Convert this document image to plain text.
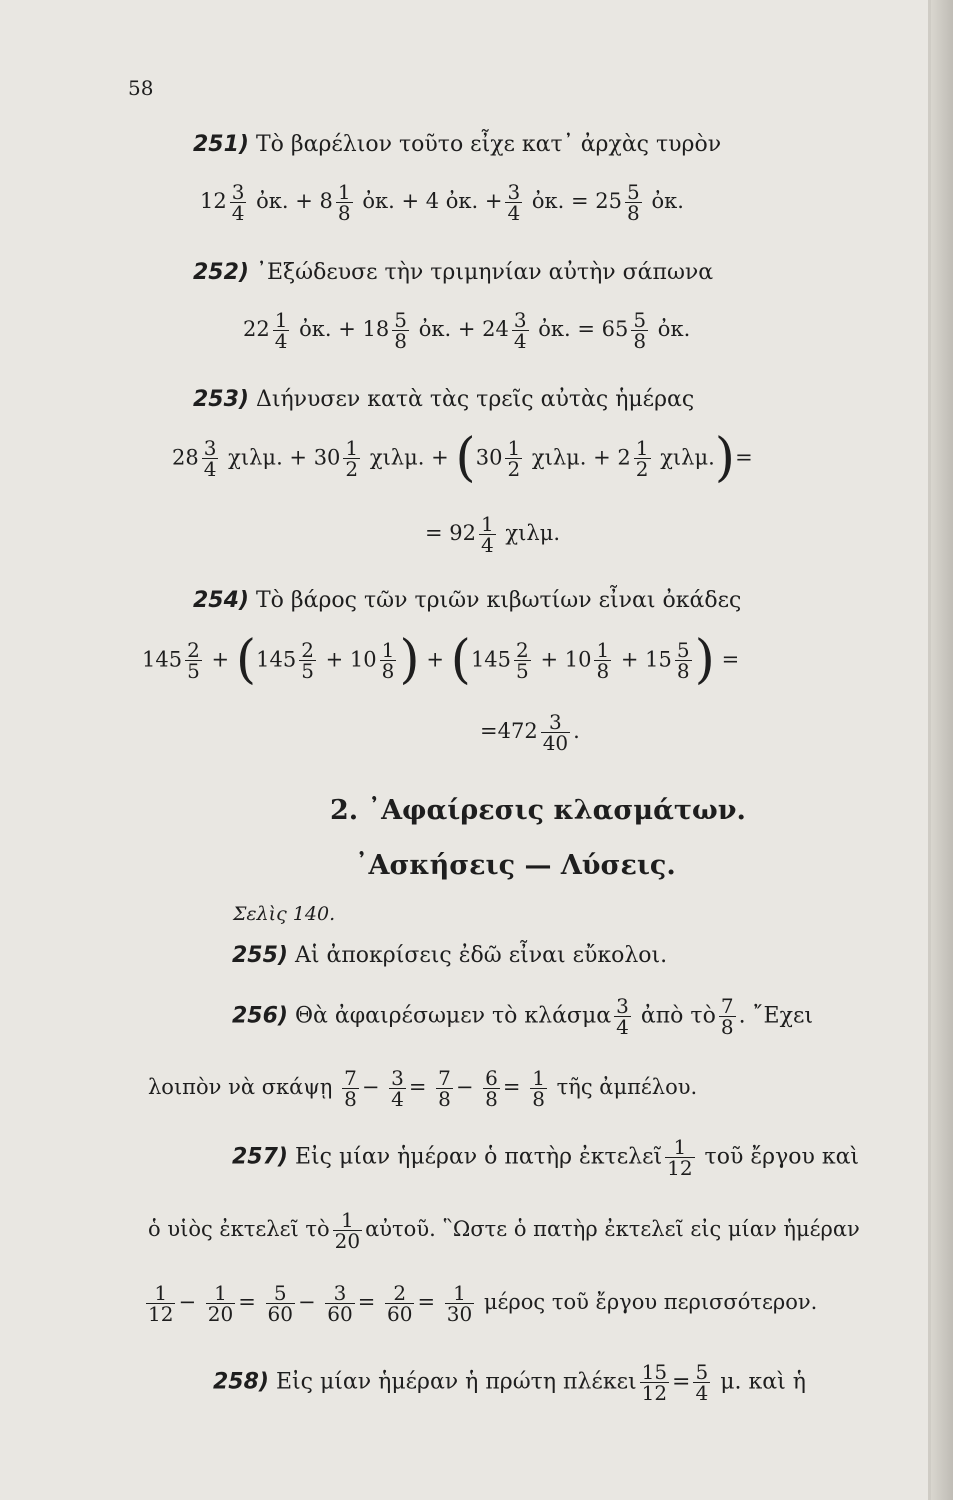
58
251) Τὸ βαρέλιον τοῦτο εἶχε κατ᾿ ἀρχὰς τυρὸν
$12 \frac{3}{4}$ ὀκ. + $8 \frac{1}{8}$ ὀκ. + 4 ὀκ. + $\frac{3}{4}$ ὀκ. = $25 \frac{5}{8}$ ὀκ.
252) ᾿Εξώδευσε τὴν τριμηνίαν αὐτὴν σάπωνα
$22 \frac{1}{4}$ ὀκ. + $18 \frac{5}{8}$ ὀκ. + $24 \frac{3}{4}$ ὀκ. = $65 \frac{5}{8}$ ὀκ.
253) Διήνυσεν κατὰ τὰς τρεῖς αὐτὰς ἡμέρας
$28 \frac{3}{4} \chi\iota\lambda\mu$. + $30 \frac{1}{2} \chi\iota\lambda\mu$. + ($30 \frac{1}{2} \chi\iota\lambda\mu$. + $2 \frac{1}{2} \chi\iota\lambda\mu.)=$
= $92 \frac{1}{4} \chi\iota\lambda\mu$.
254) Τὸ βάρος τῶν τριῶν κιβωτίων εἶναι ὀκάδες
$145 \frac{2}{5} + (145 \frac{2}{5} + 10 \frac{1}{8}$ ) + ($145 \frac{2}{5} + 10 \frac{1}{8} + 15 \frac{5}{8}$ ) =
$=472 \frac{3}{40}$ .
2. ᾿Αφαίρεσις κλασμάτων.
᾿Ασκήσεις — Λύσεις.
Σελὶς 140.
255) Αἱ ἀποκρίσεις ἐδῶ εἶναι εὔκολοι.
256) Θὰ ἀφαιρέσωμεν τὸ κλάσμα $\frac{3}{4}$ ἀπὸ τὸ $\frac{7}{8}$ . ῎Εχει
λοιπὸν νὰ σκάψῃ $\frac{7}{8} - \frac{3}{4} = \frac{7}{8} - \frac{6}{8} = \frac{1}{8}$ τῆς ἀμπέλου.
257) Εἰς μίαν ἡμέραν ὁ πατὴρ ἐκτελεῖ $\frac{1}{12}$ τοῦ ἔργου καὶ
ὁ υἱὸς ἐκτελεῖ τὸ $\frac{1}{20}$ αὐτοῦ. ῝Ωστε ὁ πατὴρ ἐκτελεῖ εἰς μίαν ἡμέραν
$\frac{1}{12} - \frac{1}{20} = \frac{5}{60} - \frac{3}{60} = \frac{2}{60} = \frac{1}{30}$ μέρος τοῦ ἔργου περισσότερον.
258) Εἰς μίαν ἡμέραν ἡ πρώτη πλέκει $\frac{15}{12} = \frac{5}{4} \mu$. καὶ ἡ
